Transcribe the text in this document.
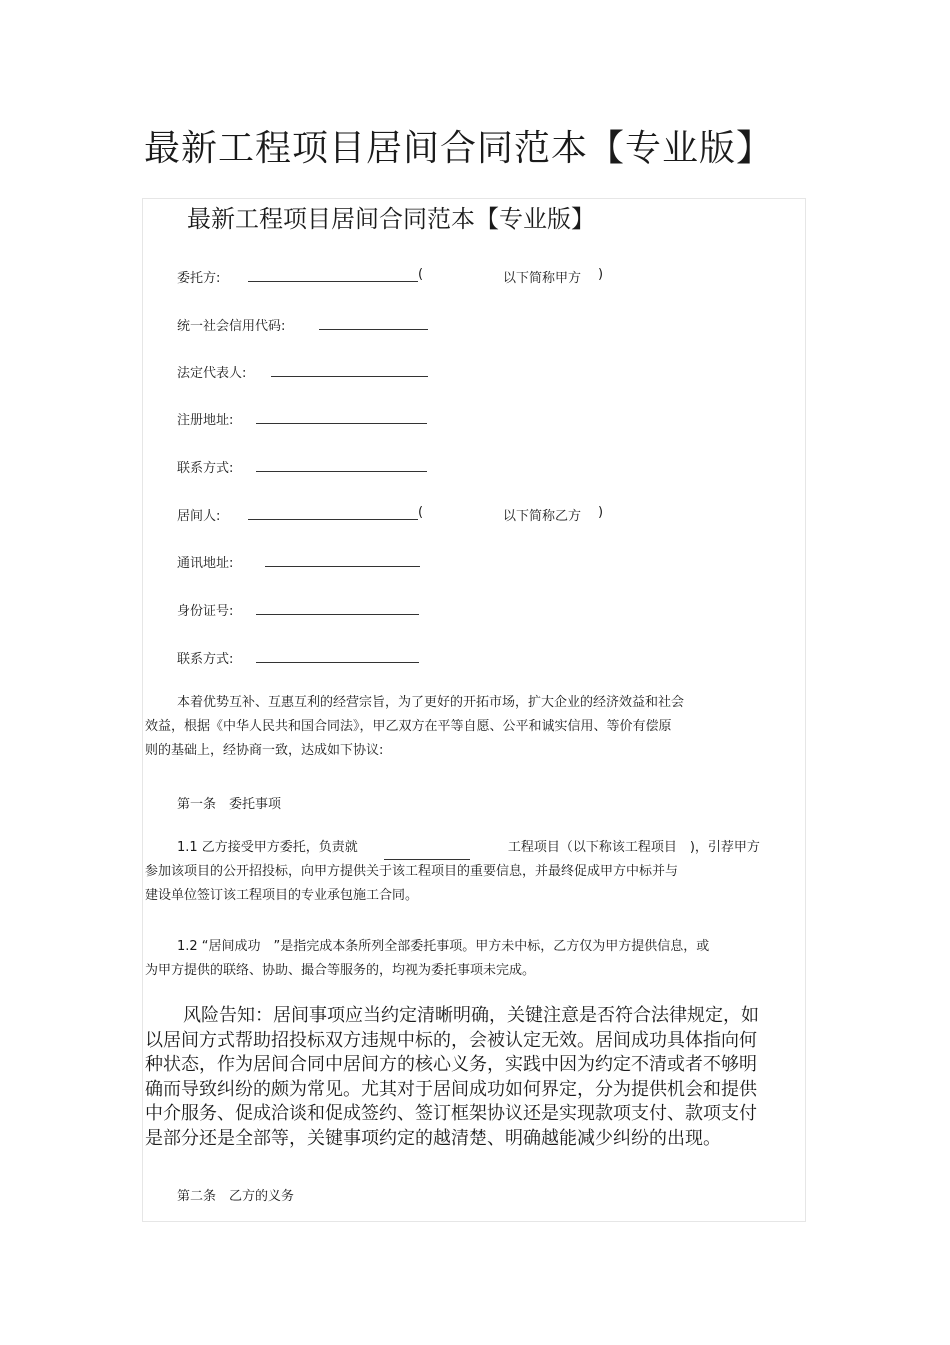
最新工程项目居间合同范本【专业版】
最新工程项目居间合同范本【专业版】
委托方:	(	以下简称甲方 )
统一社会信用代码:
法定代表人:
注册地址:
联系方式:
居间人:	(	以下简称乙方 )
通讯地址:
身份证号:
联系方式:
本着优势互补、互惠互利的经营宗旨，为了更好的开拓市场，扩大企业的经济效益和社会
效益，根据《中华人民共和国合同法》，甲乙双方在平等自愿、公平和诚实信用、等价有偿原
则的基础上，经协商一致，达成如下协议:
第一条　委托事项
1.1 乙方接受甲方委托，负责就	工程项目（以下称该工程项目　)，引荐甲方
参加该项目的公开招投标，向甲方提供关于该工程项目的重要信息，并最终促成甲方中标并与
建设单位签订该工程项目的专业承包施工合同。
1.2 “居间成功　”是指完成本条所列全部委托事项。甲方未中标，乙方仅为甲方提供信息，或
为甲方提供的联络、协助、撮合等服务的，均视为委托事项未完成。
　风险告知：居间事项应当约定清晰明确，关键注意是否符合法律规定，如
以居间方式帮助招投标双方违规中标的，会被认定无效。居间成功具体指向何
种状态，作为居间合同中居间方的核心义务，实践中因为约定不清或者不够明
确而导致纠纷的颇为常见。尤其对于居间成功如何界定，分为提供机会和提供
中介服务、促成洽谈和促成签约、签订框架协议还是实现款项支付、款项支付
是部分还是全部等，关键事项约定的越清楚、明确越能减少纠纷的出现。
第二条　乙方的义务
